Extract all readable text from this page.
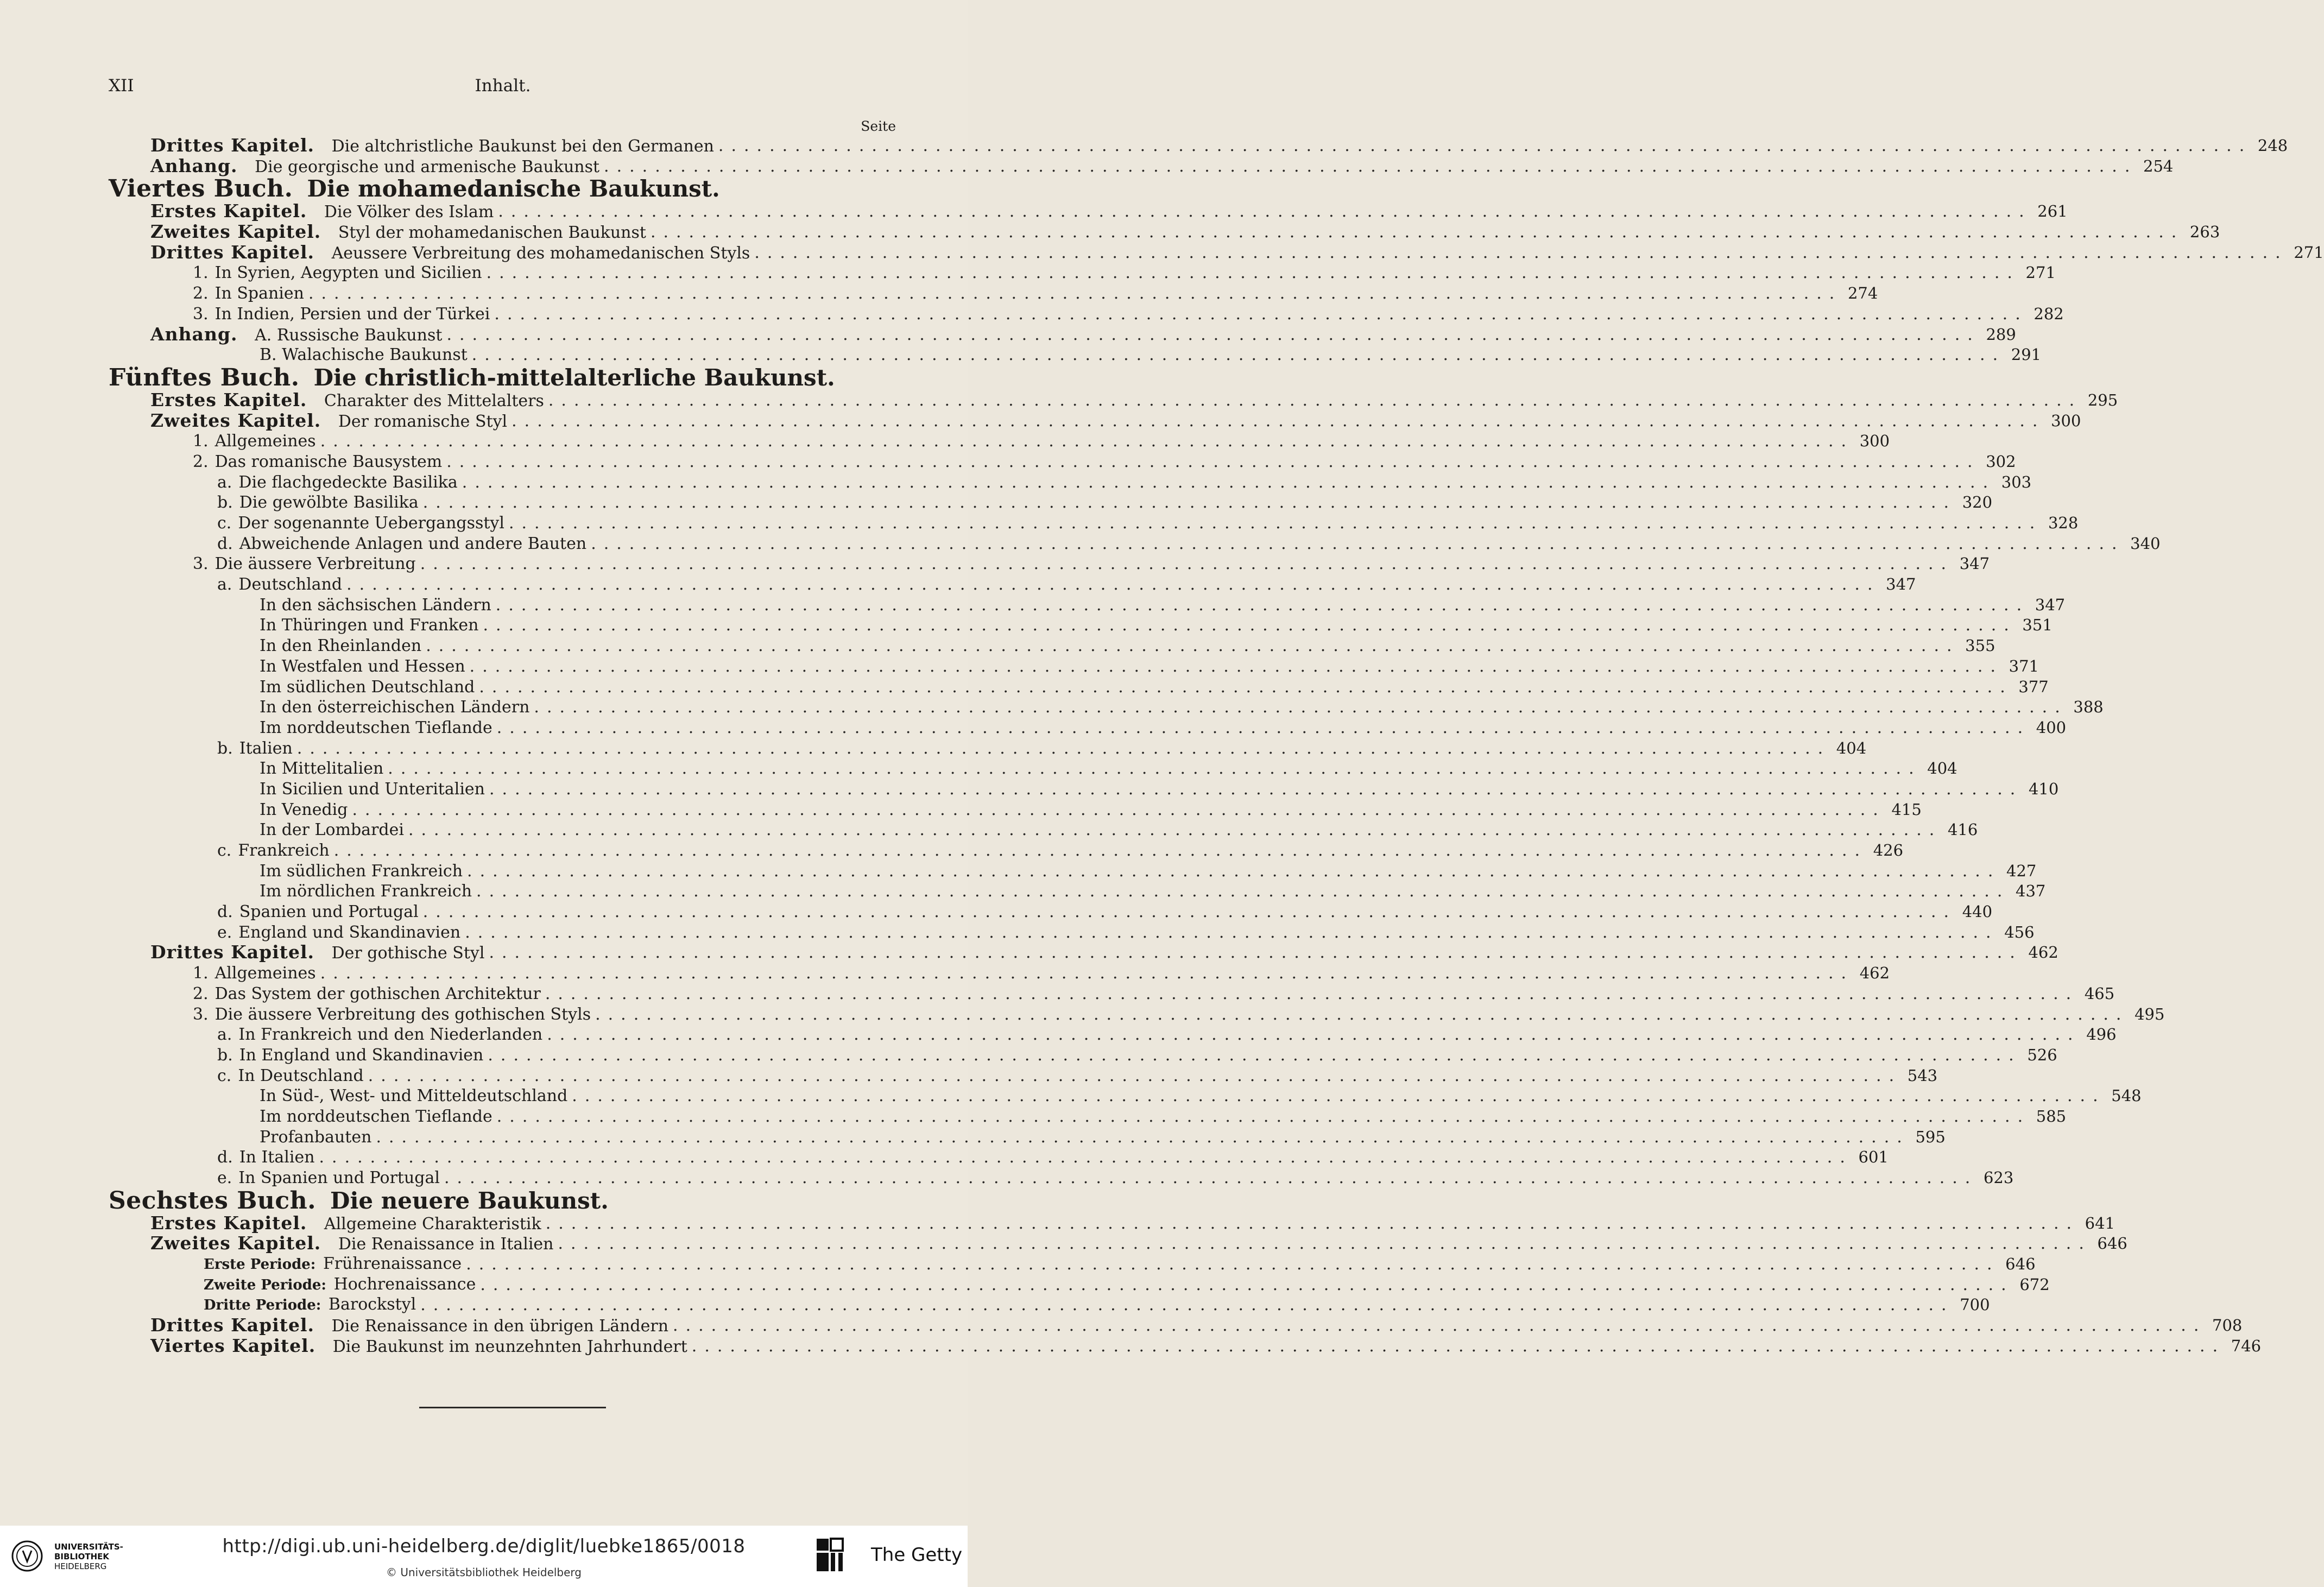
XII	Inhalt.
Seite
Drittes Kapitel. Die altchristliche Baukunst bei den Germanen ........................................................................................................................ 248
Anhang. Die georgische und armenische Baukunst ........................................................................................................................ 254
Viertes Buch. Die mohamedanische Baukunst.
Erstes Kapitel. Die Völker des Islam ........................................................................................................................ 261
Zweites Kapitel. Styl der mohamedanischen Baukunst ........................................................................................................................ 263
Drittes Kapitel. Aeussere Verbreitung des mohamedanischen Styls ........................................................................................................................ 271
1. In Syrien, Aegypten und Sicilien ........................................................................................................................ 271
2. In Spanien ........................................................................................................................ 274
3. In Indien, Persien und der Türkei ........................................................................................................................ 282
Anhang. A. Russische Baukunst ........................................................................................................................ 289
B. Walachische Baukunst ........................................................................................................................ 291
Fünftes Buch. Die christlich-mittelalterliche Baukunst.
Erstes Kapitel. Charakter des Mittelalters ........................................................................................................................ 295
Zweites Kapitel. Der romanische Styl ........................................................................................................................ 300
1. Allgemeines ........................................................................................................................ 300
2. Das romanische Bausystem ........................................................................................................................ 302
a. Die flachgedeckte Basilika ........................................................................................................................ 303
b. Die gewölbte Basilika ........................................................................................................................ 320
c. Der sogenannte Uebergangsstyl ........................................................................................................................ 328
d. Abweichende Anlagen und andere Bauten ........................................................................................................................ 340
3. Die äussere Verbreitung ........................................................................................................................ 347
a. Deutschland ........................................................................................................................ 347
In den sächsischen Ländern ........................................................................................................................ 347
In Thüringen und Franken ........................................................................................................................ 351
In den Rheinlanden ........................................................................................................................ 355
In Westfalen und Hessen ........................................................................................................................ 371
Im südlichen Deutschland ........................................................................................................................ 377
In den österreichischen Ländern ........................................................................................................................ 388
Im norddeutschen Tieflande ........................................................................................................................ 400
b. Italien ........................................................................................................................ 404
In Mittelitalien ........................................................................................................................ 404
In Sicilien und Unteritalien ........................................................................................................................ 410
In Venedig ........................................................................................................................ 415
In der Lombardei ........................................................................................................................ 416
c. Frankreich ........................................................................................................................ 426
Im südlichen Frankreich ........................................................................................................................ 427
Im nördlichen Frankreich ........................................................................................................................ 437
d. Spanien und Portugal ........................................................................................................................ 440
e. England und Skandinavien ........................................................................................................................ 456
Drittes Kapitel. Der gothische Styl ........................................................................................................................ 462
1. Allgemeines ........................................................................................................................ 462
2. Das System der gothischen Architektur ........................................................................................................................ 465
3. Die äussere Verbreitung des gothischen Styls ........................................................................................................................ 495
a. In Frankreich und den Niederlanden ........................................................................................................................ 496
b. In England und Skandinavien ........................................................................................................................ 526
c. In Deutschland ........................................................................................................................ 543
In Süd-, West- und Mitteldeutschland ........................................................................................................................ 548
Im norddeutschen Tieflande ........................................................................................................................ 585
Profanbauten ........................................................................................................................ 595
d. In Italien ........................................................................................................................ 601
e. In Spanien und Portugal ........................................................................................................................ 623
Sechstes Buch. Die neuere Baukunst.
Erstes Kapitel. Allgemeine Charakteristik ........................................................................................................................ 641
Zweites Kapitel. Die Renaissance in Italien ........................................................................................................................ 646
Erste Periode: Frührenaissance ........................................................................................................................ 646
Zweite Periode: Hochrenaissance ........................................................................................................................ 672
Dritte Periode: Barockstyl ........................................................................................................................ 700
Drittes Kapitel. Die Renaissance in den übrigen Ländern ........................................................................................................................ 708
Viertes Kapitel. Die Baukunst im neunzehnten Jahrhundert ........................................................................................................................ 746
UNIVERSITÄTS-
BIBLIOTHEK
HEIDELBERG
http://digi.ub.uni-heidelberg.de/diglit/luebke1865/0018
© Universitätsbibliothek Heidelberg
The Getty
